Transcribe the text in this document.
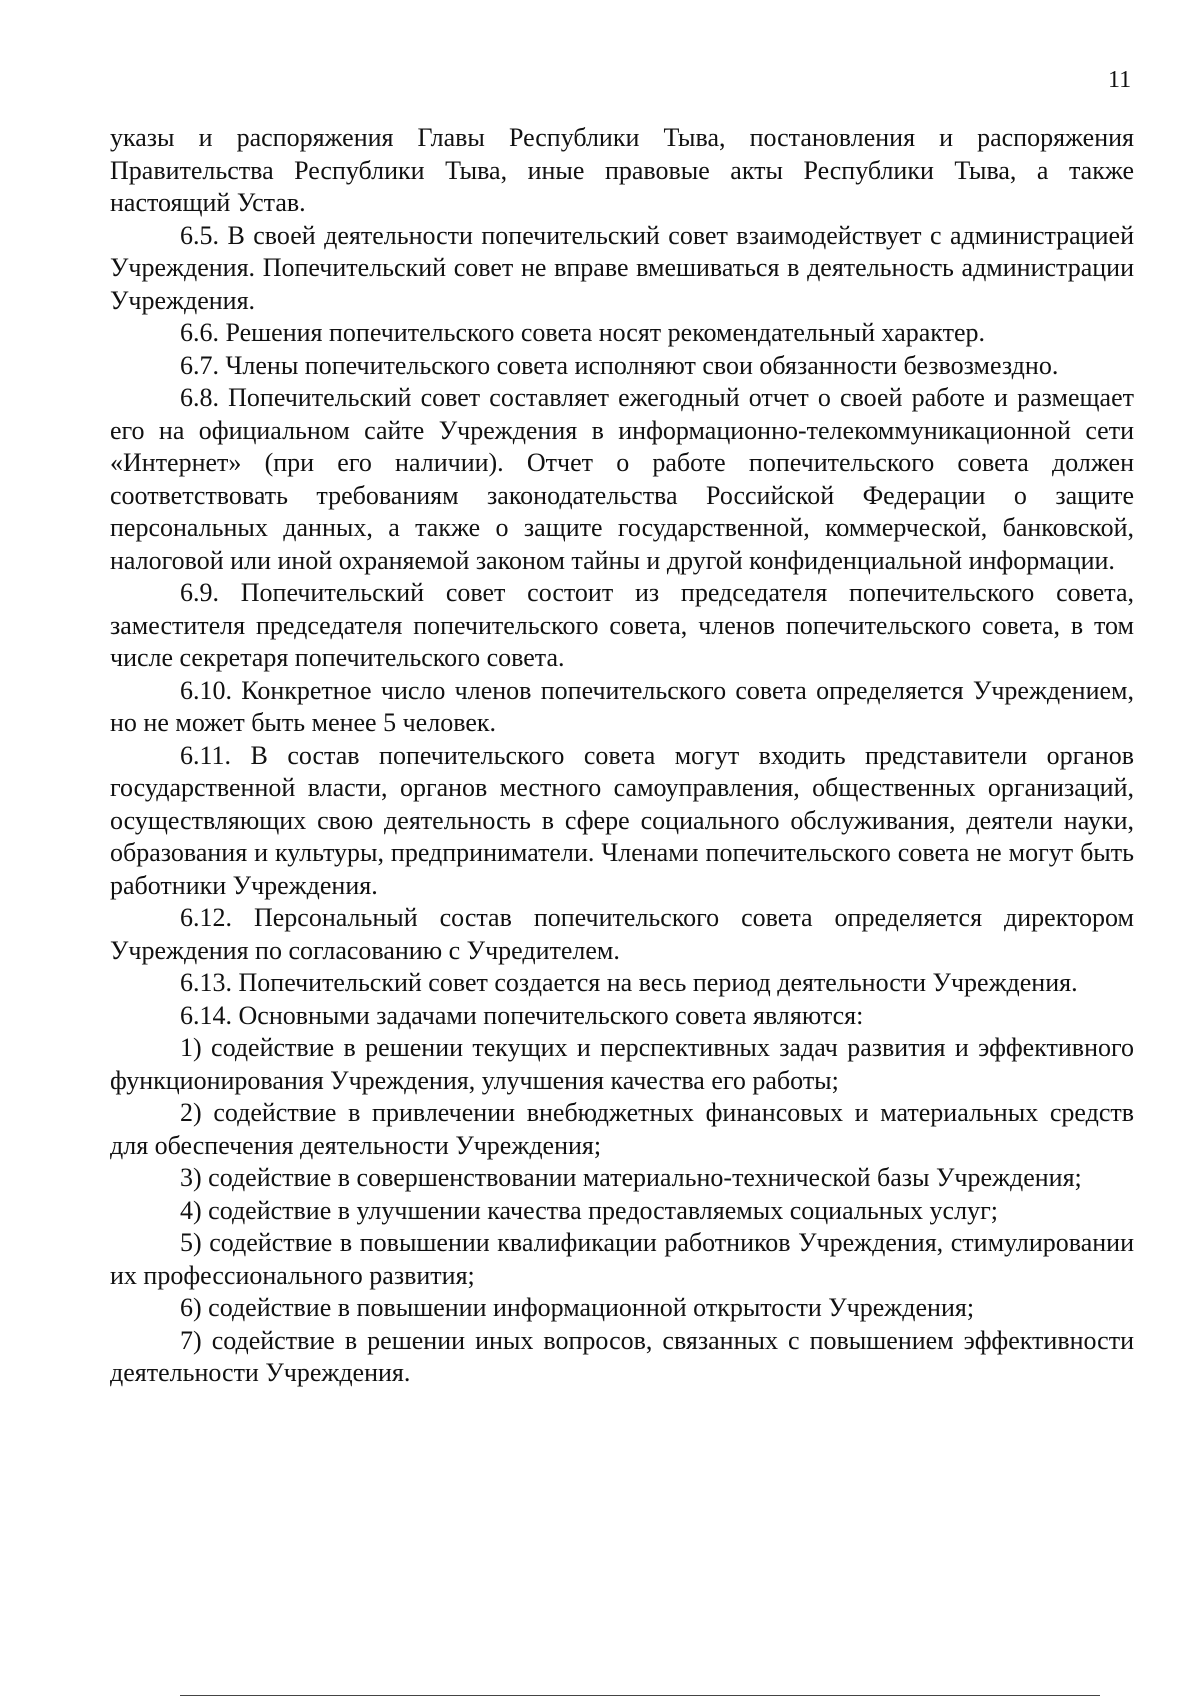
11

указы и распоряжения Главы Республики Тыва, постановления и распоряжения Правительства Республики Тыва, иные правовые акты Республики Тыва, а также настоящий Устав.

6.5. В своей деятельности попечительский совет взаимодействует с администрацией Учреждения. Попечительский совет не вправе вмешиваться в деятельность администрации Учреждения.

6.6. Решения попечительского совета носят рекомендательный характер.

6.7. Члены попечительского совета исполняют свои обязанности безвозмездно.

6.8. Попечительский совет составляет ежегодный отчет о своей работе и размещает его на официальном сайте Учреждения в информационно-телекоммуникационной сети «Интернет» (при его наличии). Отчет о работе попечительского совета должен соответствовать требованиям законодательства Российской Федерации о защите персональных данных, а также о защите государственной, коммерческой, банковской, налоговой или иной охраняемой законом тайны и другой конфиденциальной информации.

6.9. Попечительский совет состоит из председателя попечительского совета, заместителя председателя попечительского совета, членов попечительского совета, в том числе секретаря попечительского совета.

6.10. Конкретное число членов попечительского совета определяется Учреждением, но не может быть менее 5 человек.

6.11. В состав попечительского совета могут входить представители органов государственной власти, органов местного самоуправления, общественных организаций, осуществляющих свою деятельность в сфере социального обслуживания, деятели науки, образования и культуры, предприниматели. Членами попечительского совета не могут быть работники Учреждения.

6.12. Персональный состав попечительского совета определяется директором Учреждения по согласованию с Учредителем.

6.13. Попечительский совет создается на весь период деятельности Учреждения.

6.14. Основными задачами попечительского совета являются:

1) содействие в решении текущих и перспективных задач развития и эффективного функционирования Учреждения, улучшения качества его работы;

2) содействие в привлечении внебюджетных финансовых и материальных средств для обеспечения деятельности Учреждения;

3) содействие в совершенствовании материально-технической базы Учреждения;

4) содействие в улучшении качества предоставляемых социальных услуг;

5) содействие в повышении квалификации работников Учреждения, стимулировании их профессионального развития;

6) содействие в повышении информационной открытости Учреждения;

7) содействие в решении иных вопросов, связанных с повышением эффективности деятельности Учреждения.
